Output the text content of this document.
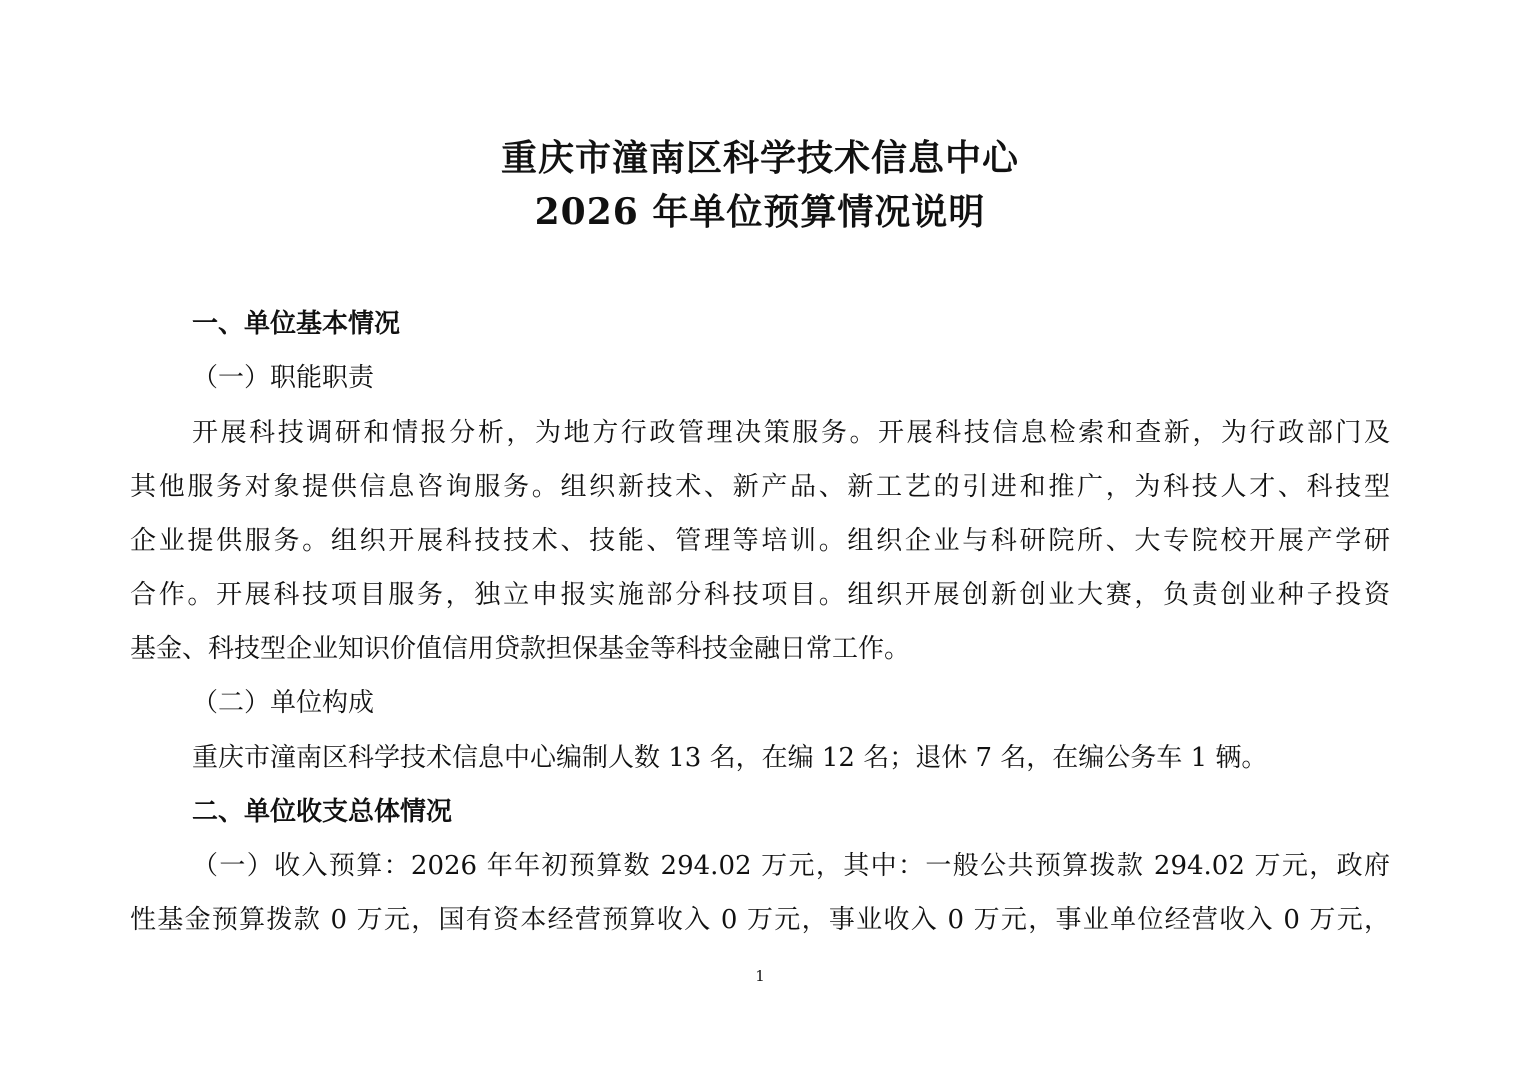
重庆市潼南区科学技术信息中心
2026 年单位预算情况说明
一、单位基本情况
（一）职能职责
开展科技调研和情报分析，为地方行政管理决策服务。开展科技信息检索和查新，为行政部门及
其他服务对象提供信息咨询服务。组织新技术、新产品、新工艺的引进和推广，为科技人才、科技型
企业提供服务。组织开展科技技术、技能、管理等培训。组织企业与科研院所、大专院校开展产学研
合作。开展科技项目服务，独立申报实施部分科技项目。组织开展创新创业大赛，负责创业种子投资
基金、科技型企业知识价值信用贷款担保基金等科技金融日常工作。
（二）单位构成
重庆市潼南区科学技术信息中心编制人数 13 名，在编 12 名；退休 7 名，在编公务车 1 辆。
二、单位收支总体情况
（一）收入预算：2026 年年初预算数 294.02 万元，其中：一般公共预算拨款 294.02 万元，政府
性基金预算拨款 0 万元，国有资本经营预算收入 0 万元，事业收入 0 万元，事业单位经营收入 0 万元，
1
